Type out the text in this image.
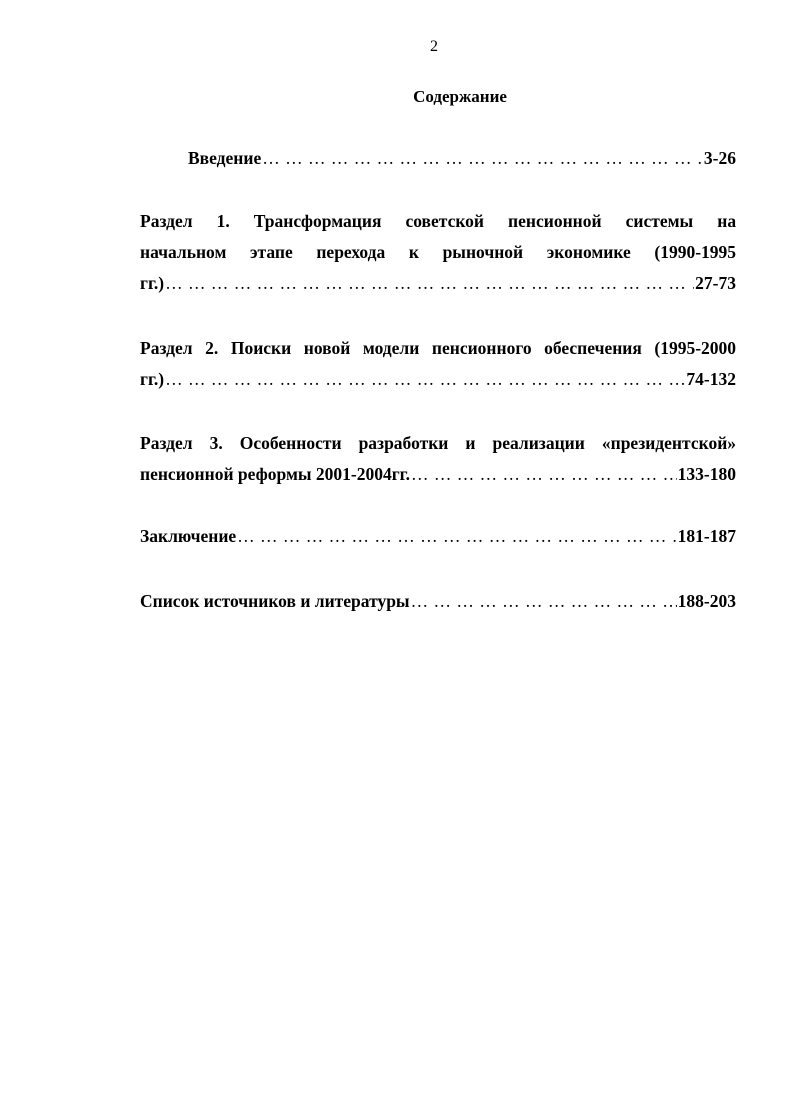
2
Содержание
Введение … … … … … … … … … … … … … … … … … … … … … … … … … … … … … … … … … … … … … … … … … … … … … … … … …	3-26
Раздел 1. Трансформация советской пенсионной системы на
начальном этапе перехода к рыночной экономике (1990-1995
гг.) … … … … … … … … … … … … … … … … … … … … … … … … … … … … … … … … … … … … … … … … … … … … … … … … …	27-73
Раздел 2. Поиски новой модели пенсионного обеспечения (1995-2000
гг.) … … … … … … … … … … … … … … … … … … … … … … … … … … … … … … … … … … … … … … … … … … … … … … … … …	74-132
Раздел 3. Особенности разработки и реализации «президентской»
пенсионной реформы 2001-2004гг. … … … … … … … … … … … … … … … … … … … … … … … … … … … … … … … … … … … … … … … … … … … … … … … … …	133-180
Заключение … … … … … … … … … … … … … … … … … … … … … … … … … … … … … … … … … … … … … … … … … … … … … … … … …	181-187
Список источников и литературы … … … … … … … … … … … … … … … … … … … … … … … … … … … … … … … … … … … … … … … … … … … … … … … … …	188-203
